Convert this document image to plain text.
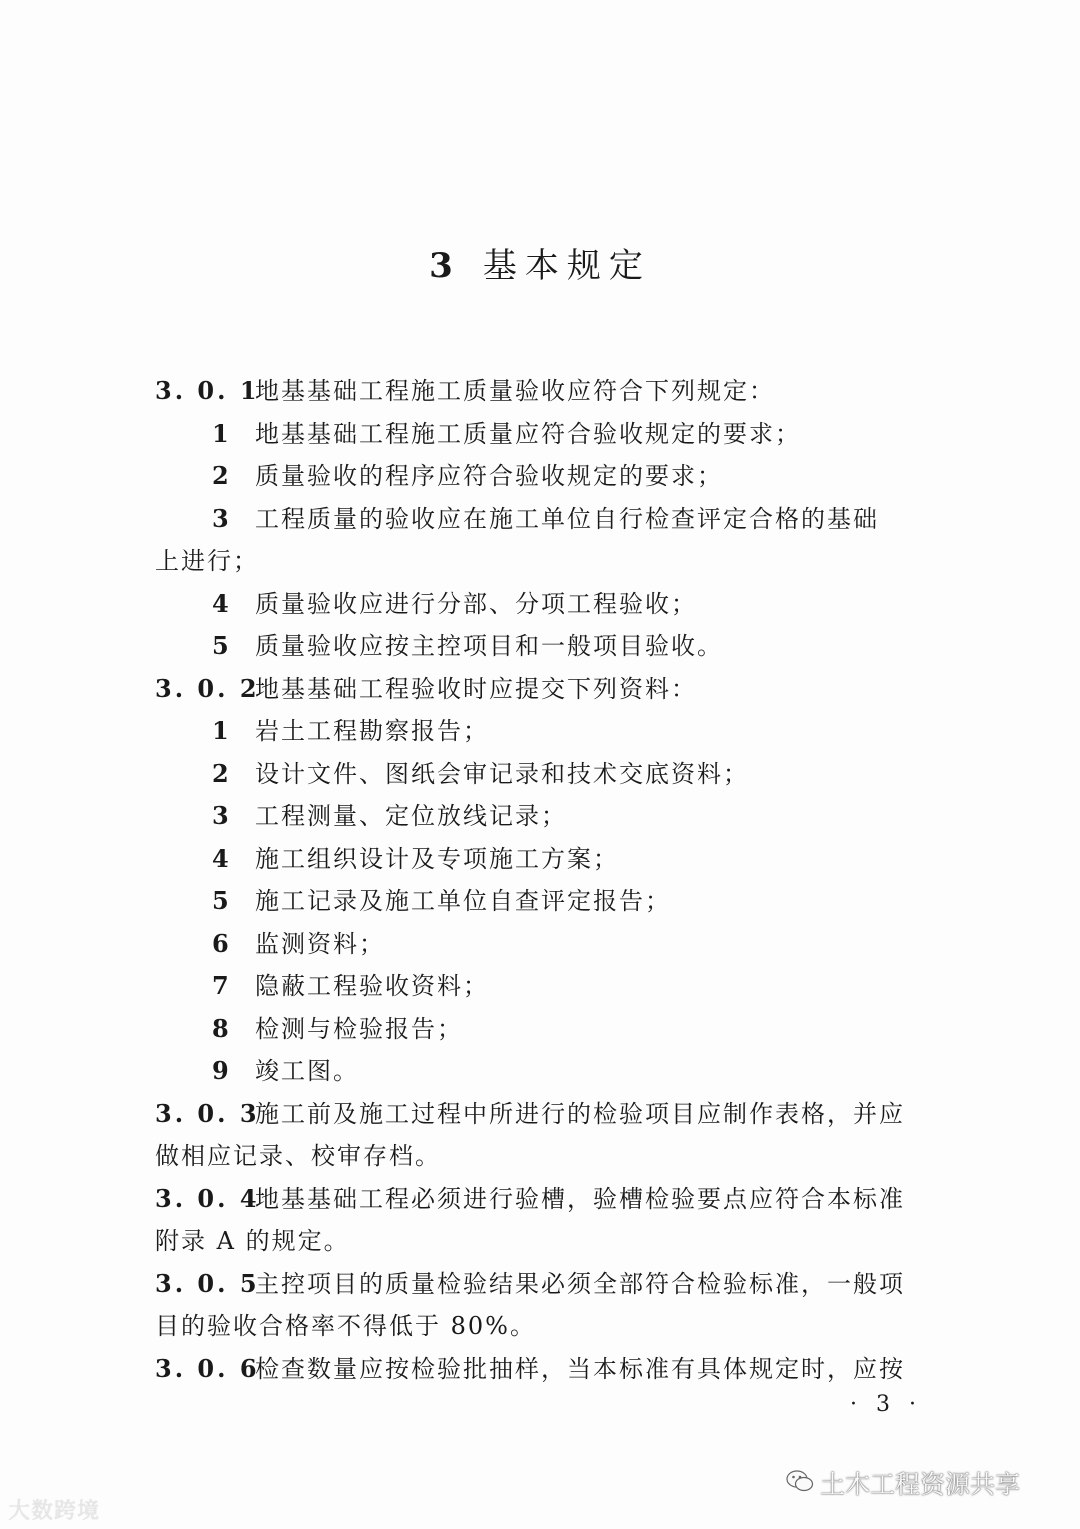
3 基本规定
3. 0. 1
地基基础工程施工质量验收应符合下列规定：
1 地基基础工程施工质量应符合验收规定的要求；
2 质量验收的程序应符合验收规定的要求；
3 工程质量的验收应在施工单位自行检查评定合格的基础
上进行；
4 质量验收应进行分部、分项工程验收；
5 质量验收应按主控项目和一般项目验收。
3. 0. 2
地基基础工程验收时应提交下列资料：
1 岩土工程勘察报告；
2 设计文件、图纸会审记录和技术交底资料；
3 工程测量、定位放线记录；
4 施工组织设计及专项施工方案；
5 施工记录及施工单位自查评定报告；
6 监测资料；
7 隐蔽工程验收资料；
8 检测与检验报告；
9 竣工图。
3. 0. 3
施工前及施工过程中所进行的检验项目应制作表格，并应
做相应记录、校审存档。
3. 0. 4
地基基础工程必须进行验槽，验槽检验要点应符合本标准
附录 A 的规定。
3. 0. 5
主控项目的质量检验结果必须全部符合检验标准，一般项
目的验收合格率不得低于 80%。
3. 0. 6
检查数量应按检验批抽样，当本标准有具体规定时，应按
· 3 ·
大数跨境
土木工程资源共享
